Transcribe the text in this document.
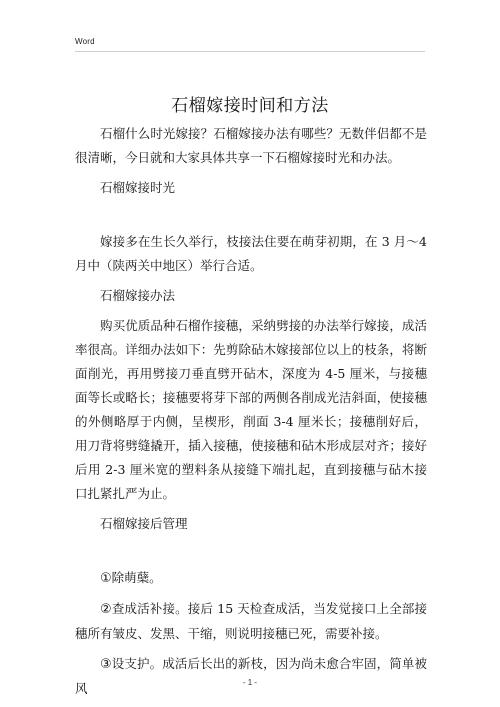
Word
石榴嫁接时间和方法

石榴什么时光嫁接？石榴嫁接办法有哪些？无数伴侣都不是很清晰，今日就和大家具体共享一下石榴嫁接时光和办法。

石榴嫁接时光

嫁接多在生长久举行，枝接法住要在萌芽初期，在 3 月～4 月中（陕两关中地区）举行合适。

石榴嫁接办法

购买优质品种石榴作接穗，采纳劈接的办法举行嫁接，成活率很高。详细办法如下：先剪除砧木嫁接部位以上的枝条，将断面削光，再用劈接刀垂直劈开砧木，深度为 4-5 厘米，与接穗面等长或略长；接穗要将芽下部的两侧各削成光洁斜面，使接穗的外侧略厚于内侧，呈楔形，削面 3-4 厘米长；接穗削好后，用刀背将劈缝撬开，插入接穗，使接穗和砧木形成层对齐；接好后用 2-3 厘米宽的塑料条从接缝下端扎起，直到接穗与砧木接口扎紧扎严为止。

石榴嫁接后管理

①除萌蘖。

②查成活补接。接后 15 天检查成活，当发觉接口上全部接穗所有皱皮、发黑、干缩，则说明接穗已死，需要补接。

③设支护。成活后长出的新枝，因为尚未愈合牢固，简单被风	- 1 -
